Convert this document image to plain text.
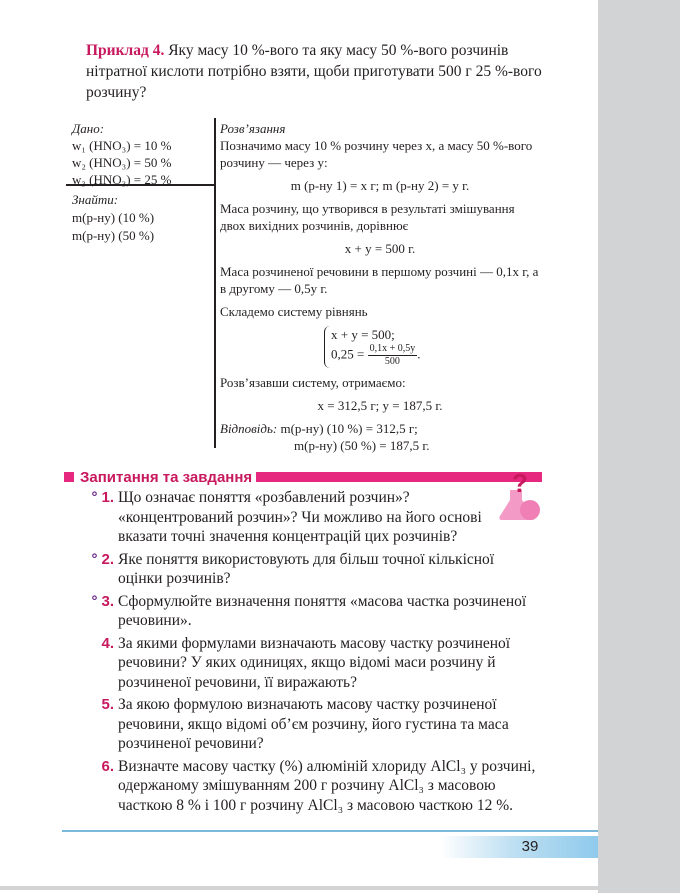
Приклад 4. Яку масу 10 %-вого та яку масу 50 %-вого розчинів нітратної кислоти потрібно взяти, щоби приготувати 500 г 25 %-вого розчину?

Дано:
w₁ (HNO₃) = 10 %
w₂ (HNO₃) = 50 %
w₃ (HNO₃) = 25 %
Знайти:
m(р-ну) (10 %)
m(р-ну) (50 %)
Розв’язання

Позначимо масу 10 % розчину через x, а масу 50 %-вого розчину — через y:

m (р-ну 1) = x г; m (р-ну 2) = y г.

Маса розчину, що утворився в результаті змішування двох вихідних розчинів, дорівнює

x + y = 500 г.

Маса розчиненої речовини в першому розчині — 0,1x г, а в другому — 0,5y г.

Складемо систему рівнянь

x + y = 500;
$0,25 = \frac{0,1x + 0,5y}{500}$ .

Розв’язавши систему, отримаємо:

x = 312,5 г; y = 187,5 г.

Відповідь: m(р-ну) (10 %) = 312,5 г;
m(р-ну) (50 %) = 187,5 г.
Запитання та завдання	?
° 1. Що означає поняття «розбавлений розчин»? «концентрований розчин»? Чи можливо на його основі вказати точні значення концентрацій цих розчинів?
° 2. Яке поняття використовують для більш точної кількісної оцінки розчинів?
° 3. Сформулюйте визначення поняття «масова частка розчиненої речовини».
4. За якими формулами визначають масову частку розчиненої речовини? У яких одиницях, якщо відомі маси розчину й розчиненої речовини, її виражають?
5. За якою формулою визначають масову частку розчиненої речовини, якщо відомі об’єм розчину, його густина та маса розчиненої речовини?
6. Визначте масову частку (%) алюміній хлориду AlCl₃ у розчині, одержаному змішуванням 200 г розчину AlCl₃ з масовою часткою 8 % і 100 г розчину AlCl₃ з масовою часткою 12 %.
39
